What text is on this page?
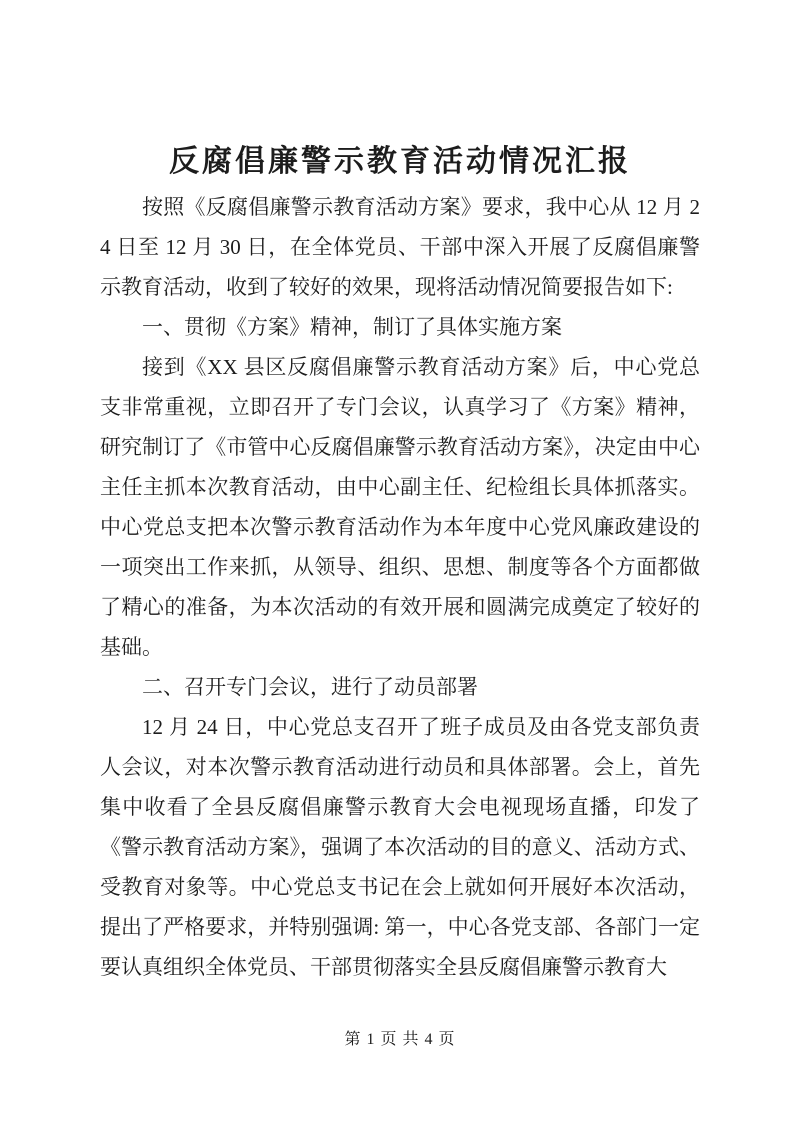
反腐倡廉警示教育活动情况汇报

按照《反腐倡廉警示教育活动方案》要求，我中心从 12 月 24 日至 12 月 30 日，在全体党员、干部中深入开展了反腐倡廉警示教育活动，收到了较好的效果，现将活动情况简要报告如下:

一、贯彻《方案》精神，制订了具体实施方案

接到《XX 县区反腐倡廉警示教育活动方案》后，中心党总支非常重视，立即召开了专门会议，认真学习了《方案》精神，研究制订了《市管中心反腐倡廉警示教育活动方案》，决定由中心主任主抓本次教育活动，由中心副主任、纪检组长具体抓落实。中心党总支把本次警示教育活动作为本年度中心党风廉政建设的一项突出工作来抓，从领导、组织、思想、制度等各个方面都做了精心的准备，为本次活动的有效开展和圆满完成奠定了较好的基础。

二、召开专门会议，进行了动员部署

12 月 24 日，中心党总支召开了班子成员及由各党支部负责人会议，对本次警示教育活动进行动员和具体部署。会上，首先集中收看了全县反腐倡廉警示教育大会电视现场直播，印发了《警示教育活动方案》，强调了本次活动的目的意义、活动方式、受教育对象等。中心党总支书记在会上就如何开展好本次活动，提出了严格要求，并特别强调: 第一，中心各党支部、各部门一定要认真组织全体党员、干部贯彻落实全县反腐倡廉警示教育大

第 1 页 共 4 页
